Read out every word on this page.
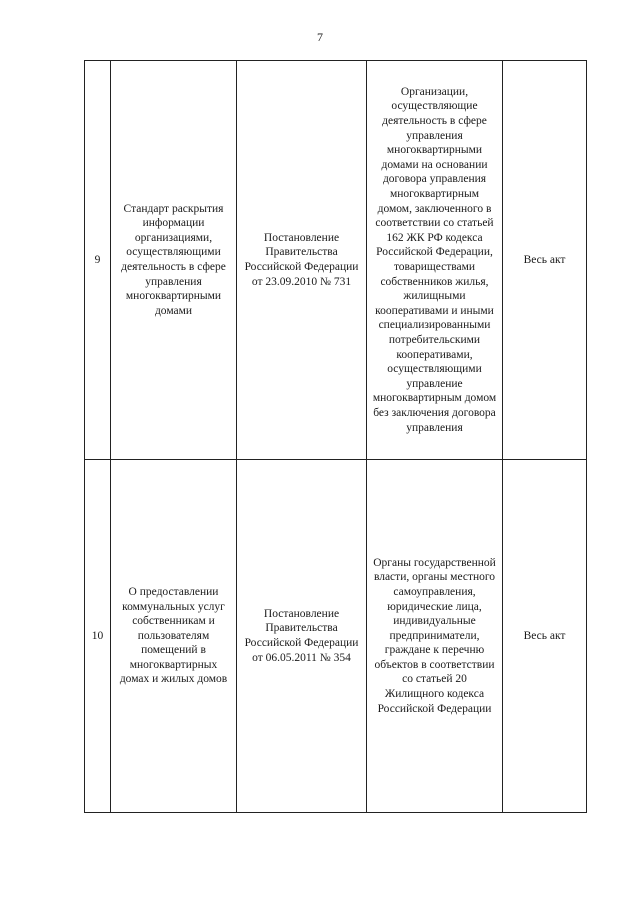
7
9	Стандарт раскрытия информации организациями, осуществляющими деятельность в сфере управления многоквартирными домами	Постановление Правительства Российской Федерации от 23.09.2010 № 731	Организации, осуществляющие деятельность в сфере управления многоквартирными домами на основании договора управления многоквартирным домом, заключенного в соответствии со статьей 162 ЖК РФ кодекса Российской Федерации, товариществами собственников жилья, жилищными кооперативами и иными специализированными потребительскими кооперативами, осуществляющими управление многоквартирным домом без заключения договора управления	Весь акт

10	О предоставлении коммунальных услуг собственникам и пользователям помещений в многоквартирных домах и жилых домов	Постановление Правительства Российской Федерации от 06.05.2011 № 354	Органы государственной власти, органы местного самоуправления, юридические лица, индивидуальные предприниматели, граждане к перечню объектов в соответствии со статьей 20 Жилищного кодекса Российской Федерации	Весь акт
